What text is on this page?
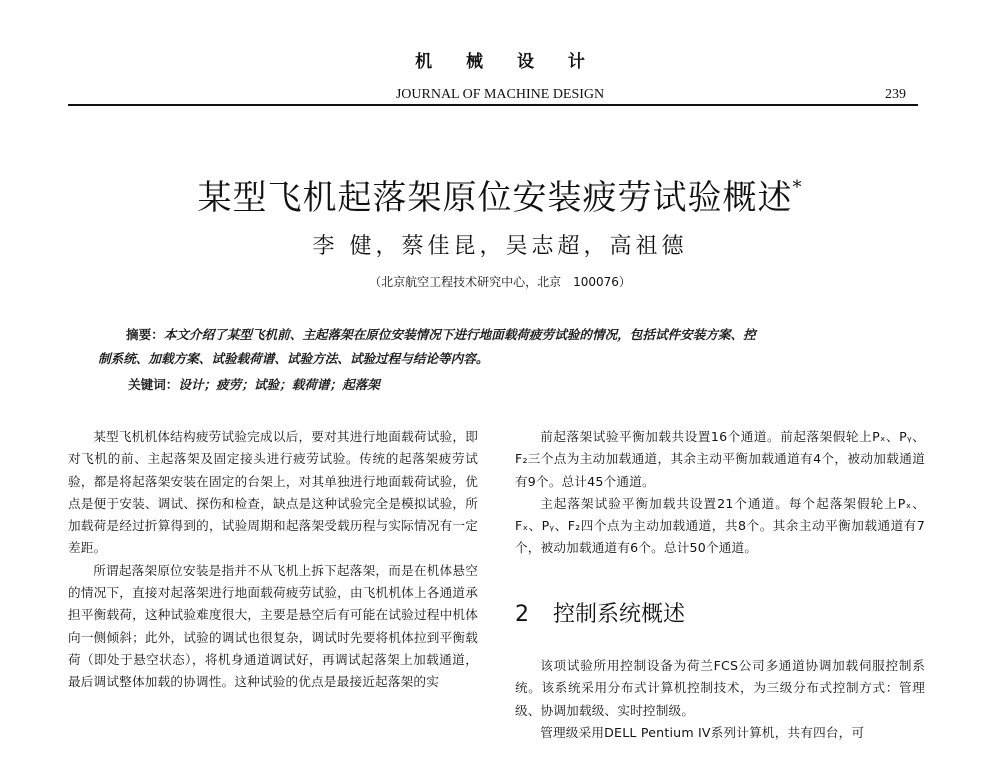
机 械 设 计
JOURNAL OF MACHINE DESIGN	239
某型飞机起落架原位安装疲劳试验概述*
李 健，蔡佳昆，吴志超，高祖德
（北京航空工程技术研究中心，北京　100076）
摘要：本文介绍了某型飞机前、主起落架在原位安装情况下进行地面载荷疲劳试验的情况，包括试件安装方案、控
制系统、加载方案、试验载荷谱、试验方法、试验过程与结论等内容。
关键词：设计；疲劳；试验；载荷谱；起落架

某型飞机机体结构疲劳试验完成以后，要对其进行地面载荷试验，即对飞机的前、主起落架及固定接头进行疲劳试验。传统的起落架疲劳试验，都是将起落架安装在固定的台架上，对其单独进行地面载荷试验，优点是便于安装、调试、探伤和检查，缺点是这种试验完全是模拟试验，所加载荷是经过折算得到的，试验周期和起落架受载历程与实际情况有一定差距。

所谓起落架原位安装是指并不从飞机上拆下起落架，而是在机体悬空的情况下，直接对起落架进行地面载荷疲劳试验，由飞机机体上各通道承担平衡载荷，这种试验难度很大，主要是悬空后有可能在试验过程中机体向一侧倾斜；此外，试验的调试也很复杂，调试时先要将机体拉到平衡载荷（即处于悬空状态），将机身通道调试好，再调试起落架上加载通道，最后调试整体加载的协调性。这种试验的优点是最接近起落架的实

前起落架试验平衡加载共设置16个通道。前起落架假轮上Pₓ、Pᵧ、F₂三个点为主动加载通道，其余主动平衡加载通道有4个，被动加载通道有9个。总计45个通道。

主起落架试验平衡加载共设置21个通道。每个起落架假轮上Pₓ、Fₓ、Pᵧ、F₂四个点为主动加载通道，共8个。其余主动平衡加载通道有7个，被动加载通道有6个。总计50个通道。

2 控制系统概述

该项试验所用控制设备为荷兰FCS公司多通道协调加载伺服控制系统。该系统采用分布式计算机控制技术，为三级分布式控制方式：管理级、协调加载级、实时控制级。

管理级采用DELL Pentium IV系列计算机，共有四台，可
